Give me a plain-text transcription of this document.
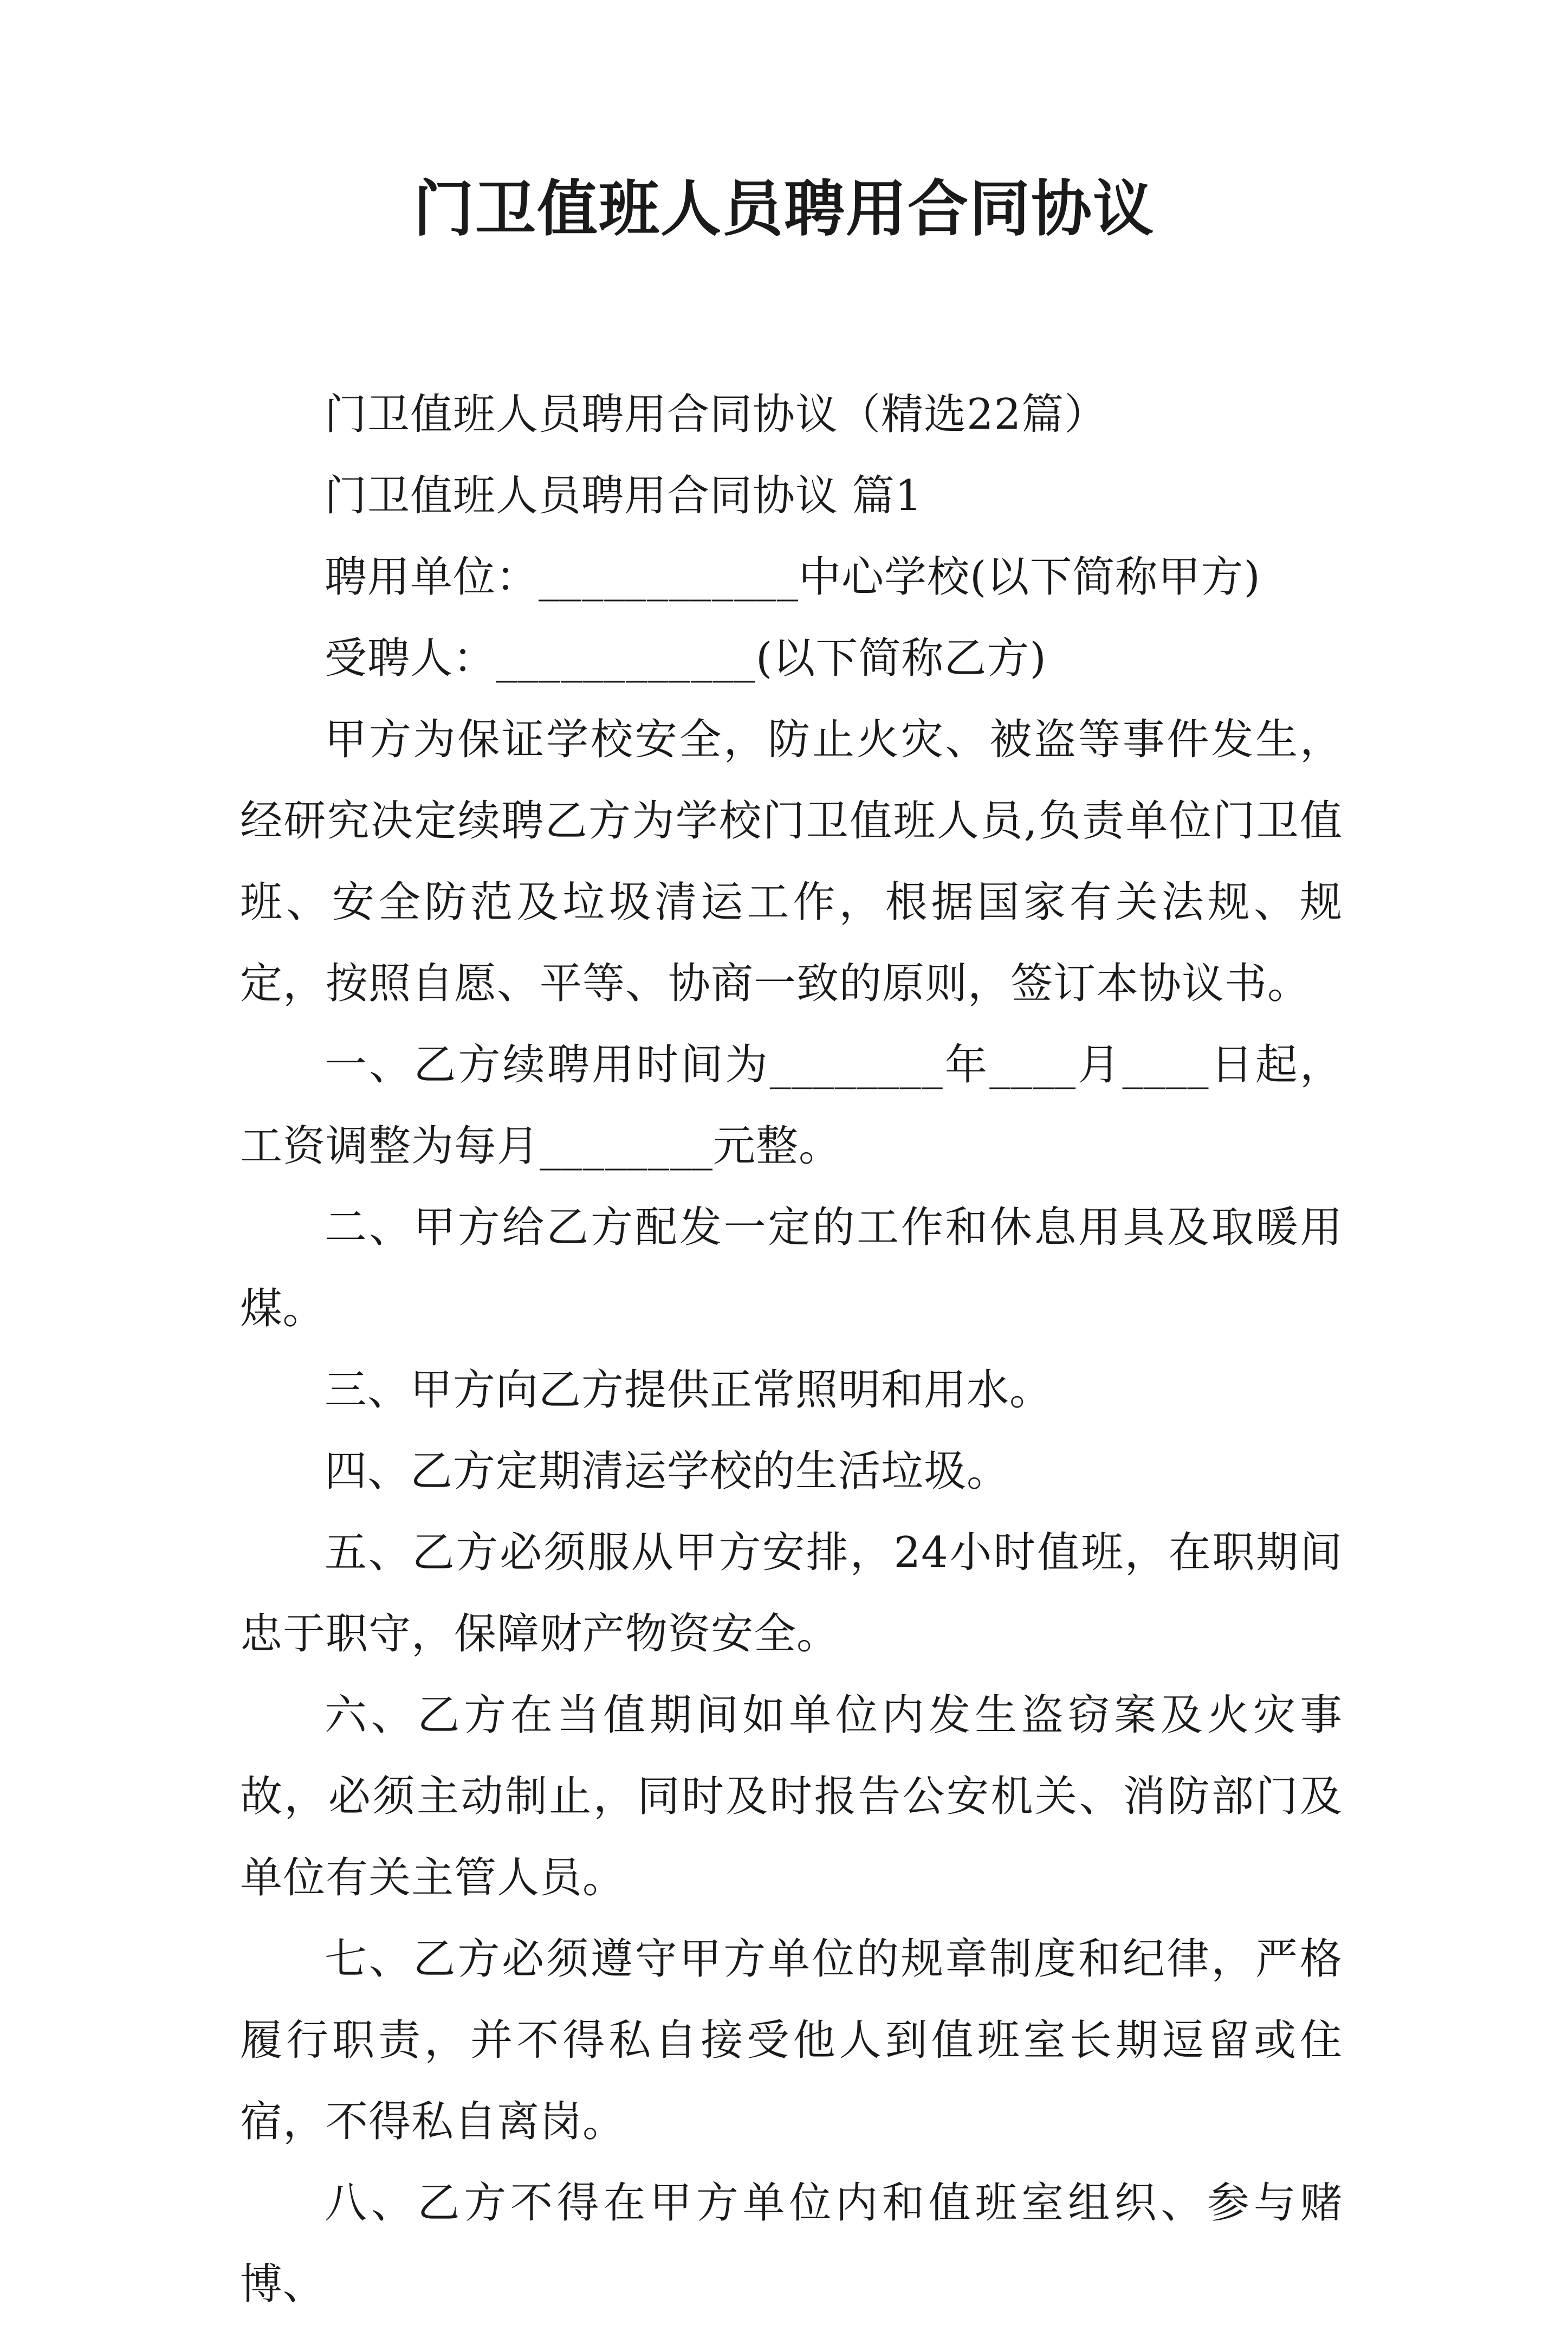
门卫值班人员聘用合同协议

门卫值班人员聘用合同协议（精选22篇）

门卫值班人员聘用合同协议 篇1

聘用单位：____________中心学校(以下简称甲方)

受聘人：____________(以下简称乙方)

甲方为保证学校安全，防止火灾、被盗等事件发生，经研究决定续聘乙方为学校门卫值班人员,负责单位门卫值班、安全防范及垃圾清运工作，根据国家有关法规、规定，按照自愿、平等、协商一致的原则，签订本协议书。

一、乙方续聘用时间为________年____月____日起，工资调整为每月________元整。

二、甲方给乙方配发一定的工作和休息用具及取暖用煤。

三、甲方向乙方提供正常照明和用水。

四、乙方定期清运学校的生活垃圾。

五、乙方必须服从甲方安排，24小时值班，在职期间忠于职守，保障财产物资安全。

六、乙方在当值期间如单位内发生盗窃案及火灾事故，必须主动制止，同时及时报告公安机关、消防部门及单位有关主管人员。

七、乙方必须遵守甲方单位的规章制度和纪律，严格履行职责，并不得私自接受他人到值班室长期逗留或住宿，不得私自离岗。

八、乙方不得在甲方单位内和值班室组织、参与赌博、
